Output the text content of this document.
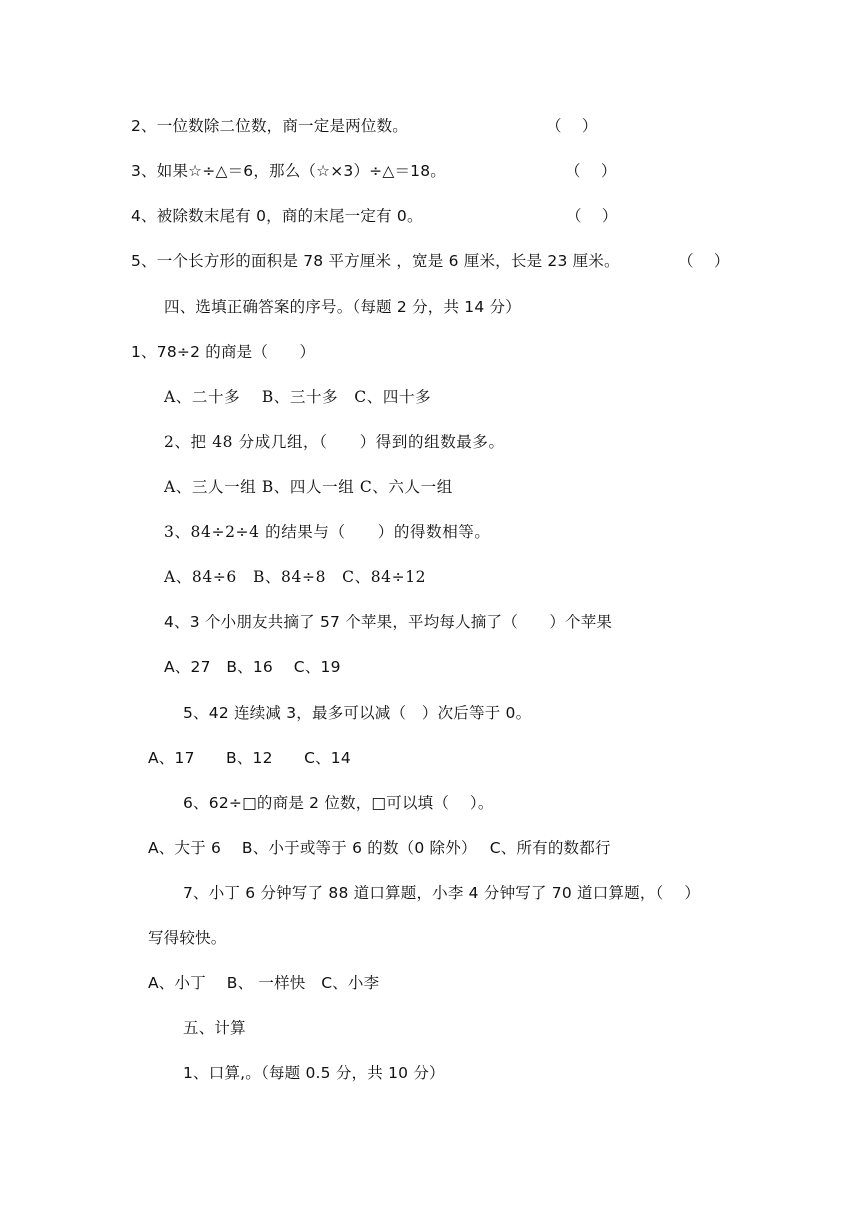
2、一位数除二位数，商一定是两位数。	（　 ）
3、如果☆÷△＝6，那么（☆×3）÷△＝18。	（　 ）
4、被除数末尾有 0，商的末尾一定有 0。	（　 ）
5、一个长方形的面积是 78 平方厘米 ，宽是 6 厘米，长是 23 厘米。	（　 ）
四、选填正确答案的序号。（每题 2 分，共 14 分）
1、78÷2 的商是（　　）
A、二十多　 B、三十多　C、四十多
2、把 48 分成几组，（　　）得到的组数最多。
A、三人一组 B、四人一组 C、六人一组
3、84÷2÷4 的结果与（　　）的得数相等。
A、84÷6　B、84÷8　C、84÷12
4、3 个小朋友共摘了 57 个苹果，平均每人摘了（　　）个苹果
A、27　B、16　 C、19
5、42 连续减 3，最多可以减（　）次后等于 0。
A、17　　B、12　　C、14
6、62÷□的商是 2 位数，□可以填（　 ）。
A、大于 6　 B、小于或等于 6 的数（0 除外）　 C、所有的数都行
7、小丁 6 分钟写了 88 道口算题，小李 4 分钟写了 70 道口算题，（　 ）
写得较快。
A、小丁　 B、 一样快　C、小李
五、计算
1、口算,。（每题 0.5 分，共 10 分）
